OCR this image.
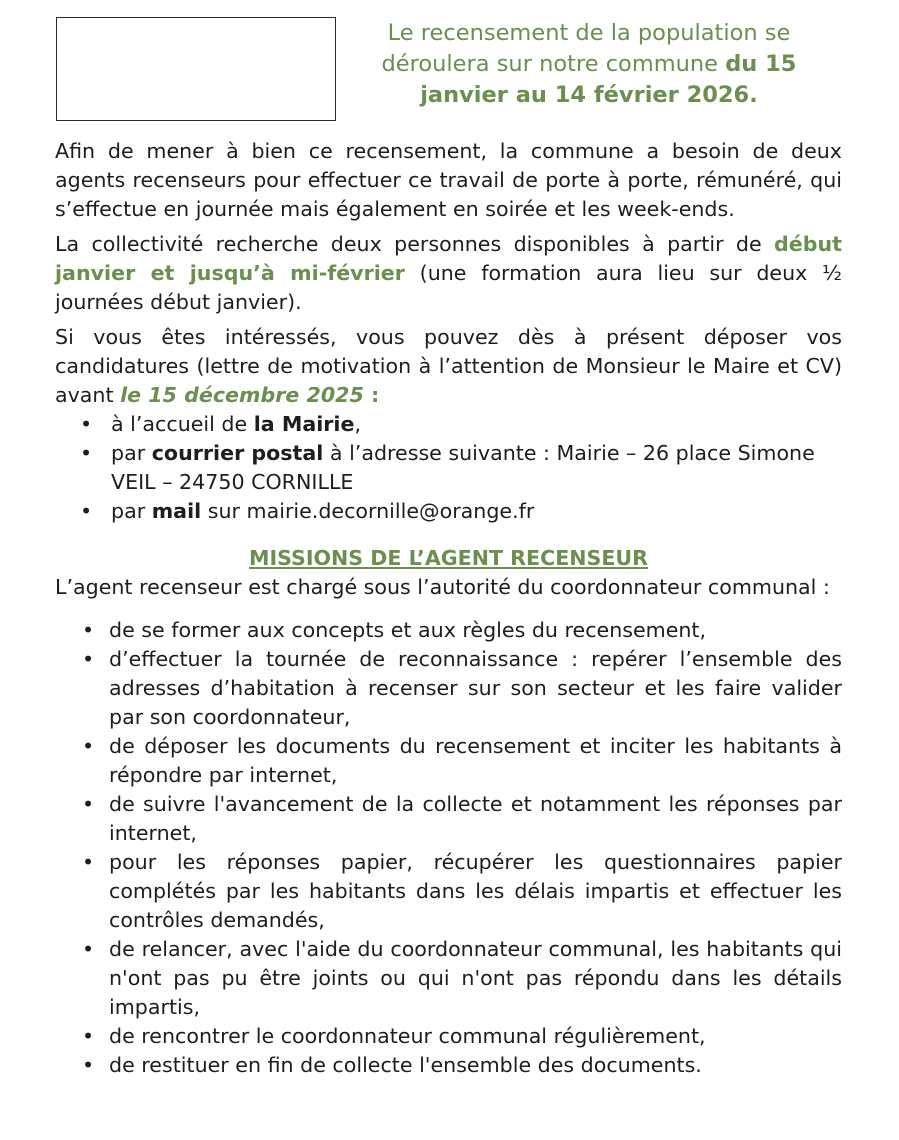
Le recensement de la population se déroulera sur notre commune du 15 janvier au 14 février 2026.

Afin de mener à bien ce recensement, la commune a besoin de deux agents recenseurs pour effectuer ce travail de porte à porte, rémunéré, qui s’effectue en journée mais également en soirée et les week-ends.

La collectivité recherche deux personnes disponibles à partir de début janvier et jusqu’à mi-février (une formation aura lieu sur deux ½ journées début janvier).

Si vous êtes intéressés, vous pouvez dès à présent déposer vos candidatures (lettre de motivation à l’attention de Monsieur le Maire et CV) avant le 15 décembre 2025 :

• à l’accueil de la Mairie,
• par courrier postal à l’adresse suivante : Mairie – 26 place Simone VEIL – 24750 CORNILLE
• par mail sur mairie.decornille@orange.fr

MISSIONS DE L’AGENT RECENSEUR

L’agent recenseur est chargé sous l’autorité du coordonnateur communal :

• de se former aux concepts et aux règles du recensement,
• d’effectuer la tournée de reconnaissance : repérer l’ensemble des adresses d’habitation à recenser sur son secteur et les faire valider par son coordonnateur,
• de déposer les documents du recensement et inciter les habitants à répondre par internet,
• de suivre l'avancement de la collecte et notamment les réponses par internet,
• pour les réponses papier, récupérer les questionnaires papier complétés par les habitants dans les délais impartis et effectuer les contrôles demandés,
• de relancer, avec l'aide du coordonnateur communal, les habitants qui n'ont pas pu être joints ou qui n'ont pas répondu dans les détails impartis,
• de rencontrer le coordonnateur communal régulièrement,
• de restituer en fin de collecte l'ensemble des documents.
